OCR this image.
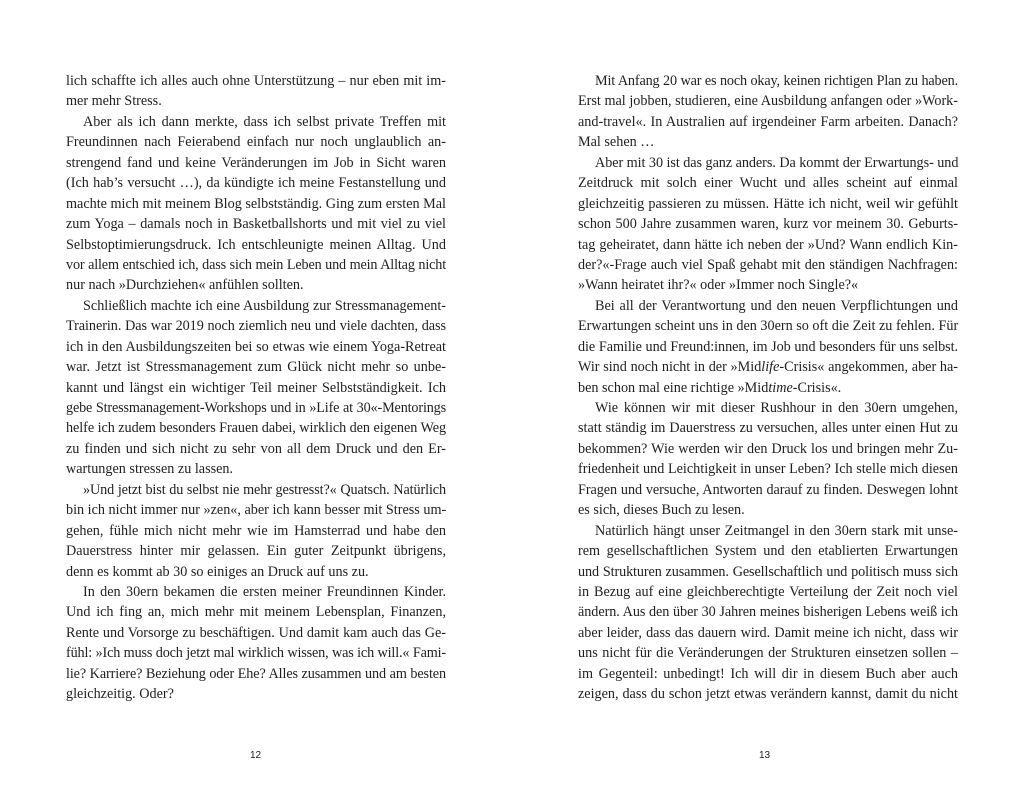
lich schaffte ich alles auch ohne Unterstützung – nur eben mit im-
mer mehr Stress.
Aber als ich dann merkte, dass ich selbst private Treffen mit
Freundinnen nach Feierabend einfach nur noch unglaublich an-
strengend fand und keine Veränderungen im Job in Sicht waren
(Ich hab’s versucht …), da kündigte ich meine Festanstellung und
machte mich mit meinem Blog selbstständig. Ging zum ersten Mal
zum Yoga – damals noch in Basketballshorts und mit viel zu viel
Selbstoptimierungsdruck. Ich entschleunigte meinen Alltag. Und
vor allem entschied ich, dass sich mein Leben und mein Alltag nicht
nur nach »Durchziehen« anfühlen sollten.
Schließlich machte ich eine Ausbildung zur Stressmanagement-
Trainerin. Das war 2019 noch ziemlich neu und viele dachten, dass
ich in den Ausbildungszeiten bei so etwas wie einem Yoga-Retreat
war. Jetzt ist Stressmanagement zum Glück nicht mehr so unbe-
kannt und längst ein wichtiger Teil meiner Selbstständigkeit. Ich
gebe Stressmanagement-Workshops und in »Life at 30«-Mentorings
helfe ich zudem besonders Frauen dabei, wirklich den eigenen Weg
zu finden und sich nicht zu sehr von all dem Druck und den Er-
wartungen stressen zu lassen.
»Und jetzt bist du selbst nie mehr gestresst?« Quatsch. Natürlich
bin ich nicht immer nur »zen«, aber ich kann besser mit Stress um-
gehen, fühle mich nicht mehr wie im Hamsterrad und habe den
Dauerstress hinter mir gelassen. Ein guter Zeitpunkt übrigens,
denn es kommt ab 30 so einiges an Druck auf uns zu.
In den 30ern bekamen die ersten meiner Freundinnen Kinder.
Und ich fing an, mich mehr mit meinem Lebensplan, Finanzen,
Rente und Vorsorge zu beschäftigen. Und damit kam auch das Ge-
fühl: »Ich muss doch jetzt mal wirklich wissen, was ich will.« Fami-
lie? Karriere? Beziehung oder Ehe? Alles zusammen und am besten
gleichzeitig. Oder?
12
Mit Anfang 20 war es noch okay, keinen richtigen Plan zu haben.
Erst mal jobben, studieren, eine Ausbildung anfangen oder »Work-
and-travel«. In Australien auf irgendeiner Farm arbeiten. Danach?
Mal sehen …
Aber mit 30 ist das ganz anders. Da kommt der Erwartungs- und
Zeitdruck mit solch einer Wucht und alles scheint auf einmal
gleichzeitig passieren zu müssen. Hätte ich nicht, weil wir gefühlt
schon 500 Jahre zusammen waren, kurz vor meinem 30. Geburts-
tag geheiratet, dann hätte ich neben der »Und? Wann endlich Kin-
der?«-Frage auch viel Spaß gehabt mit den ständigen Nachfragen:
»Wann heiratet ihr?« oder »Immer noch Single?«
Bei all der Verantwortung und den neuen Verpflichtungen und
Erwartungen scheint uns in den 30ern so oft die Zeit zu fehlen. Für
die Familie und Freund:innen, im Job und besonders für uns selbst.
Wir sind noch nicht in der »Midlife-Crisis« angekommen, aber ha-
ben schon mal eine richtige »Midtime-Crisis«.
Wie können wir mit dieser Rushhour in den 30ern umgehen,
statt ständig im Dauerstress zu versuchen, alles unter einen Hut zu
bekommen? Wie werden wir den Druck los und bringen mehr Zu-
friedenheit und Leichtigkeit in unser Leben? Ich stelle mich diesen
Fragen und versuche, Antworten darauf zu finden. Deswegen lohnt
es sich, dieses Buch zu lesen.
Natürlich hängt unser Zeitmangel in den 30ern stark mit unse-
rem gesellschaftlichen System und den etablierten Erwartungen
und Strukturen zusammen. Gesellschaftlich und politisch muss sich
in Bezug auf eine gleichberechtigte Verteilung der Zeit noch viel
ändern. Aus den über 30 Jahren meines bisherigen Lebens weiß ich
aber leider, dass das dauern wird. Damit meine ich nicht, dass wir
uns nicht für die Veränderungen der Strukturen einsetzen sollen –
im Gegenteil: unbedingt! Ich will dir in diesem Buch aber auch
zeigen, dass du schon jetzt etwas verändern kannst, damit du nicht
13
